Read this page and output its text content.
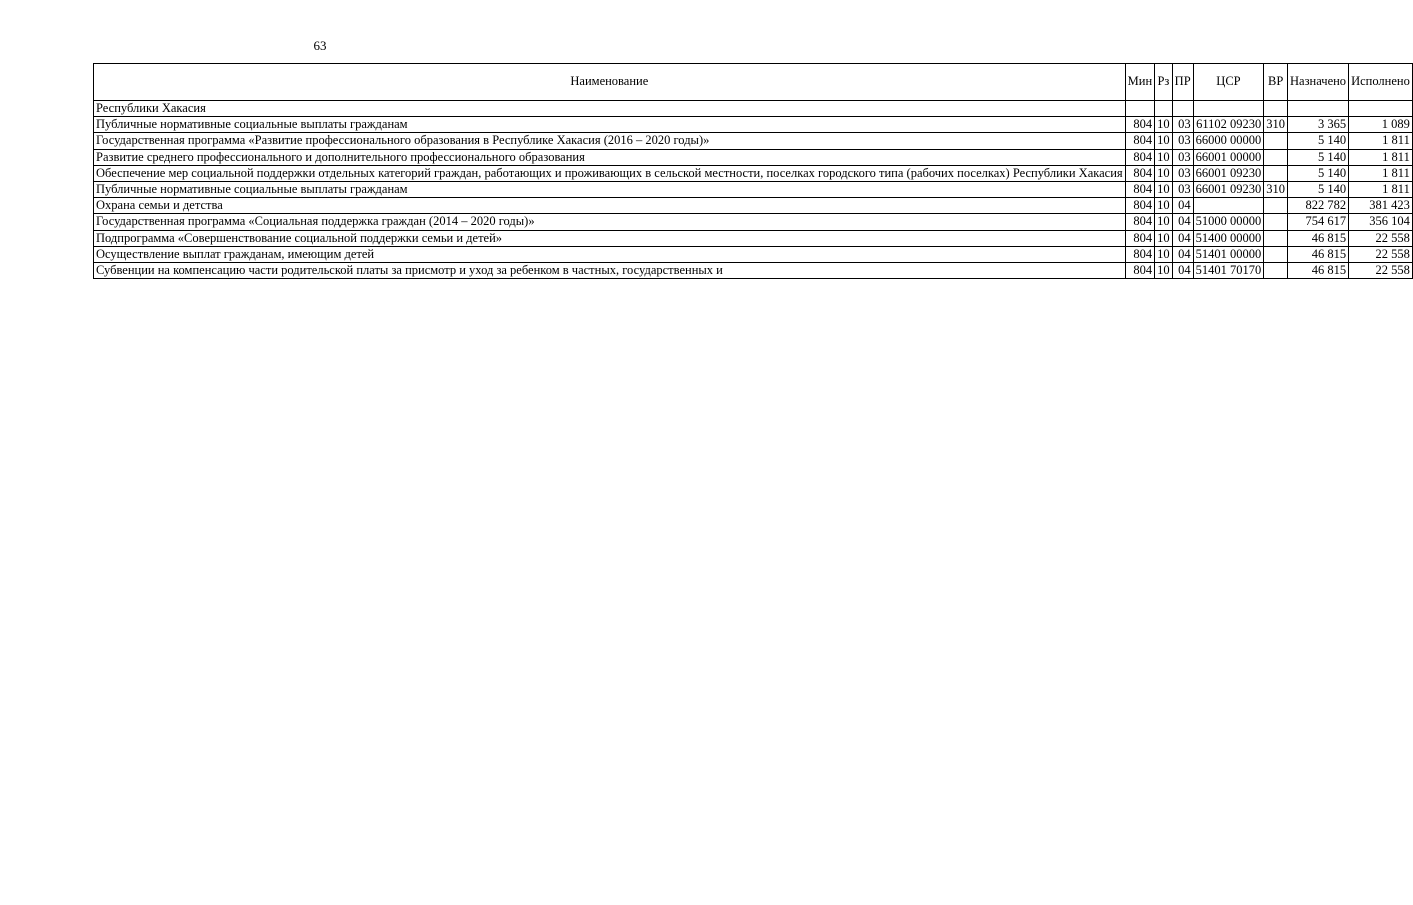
63
Наименование	Мин	Рз	ПР	ЦСР	ВР	Назначено	Исполнено
Республики Хакасия							
Публичные нормативные социальные выплаты гражданам	804	10	03	61102 09230	310	3 365	1 089
Государственная программа «Развитие профессионального образования в Республике Хакасия (2016 – 2020 годы)»	804	10	03	66000 00000		5 140	1 811
Развитие среднего профессионального и дополнительного профессионального образования	804	10	03	66001 00000		5 140	1 811
Обеспечение мер социальной поддержки отдельных категорий граждан, работающих и проживающих в сельской местности, поселках городского типа (рабочих поселках) Республики Хакасия	804	10	03	66001 09230		5 140	1 811
Публичные нормативные социальные выплаты гражданам	804	10	03	66001 09230	310	5 140	1 811
Охрана семьи и детства	804	10	04			822 782	381 423
Государственная программа «Социальная поддержка граждан (2014 – 2020 годы)»	804	10	04	51000 00000		754 617	356 104
Подпрограмма «Совершенствование социальной поддержки семьи и детей»	804	10	04	51400 00000		46 815	22 558
Осуществление выплат гражданам, имеющим детей	804	10	04	51401 00000		46 815	22 558
Субвенции на компенсацию части родительской платы за присмотр и уход за ребенком в частных, государственных и	804	10	04	51401 70170		46 815	22 558
